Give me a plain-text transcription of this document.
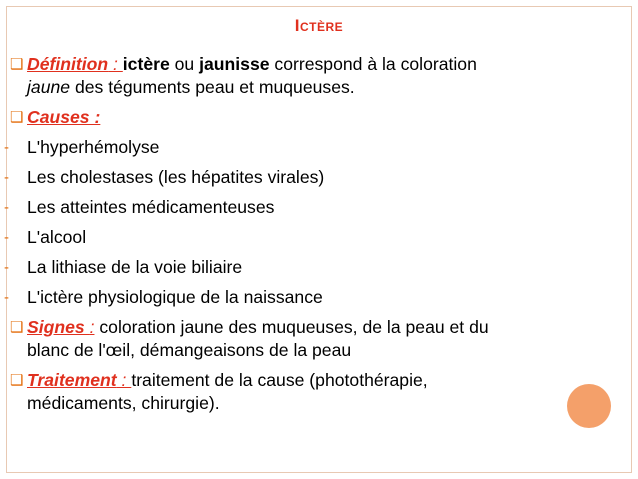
Ictère
❑ Définition : ictère ou jaunisse correspond à la coloration
jaune des téguments peau et muqueuses.
❑ Causes :
- L'hyperhémolyse
- Les cholestases (les hépatites virales)
- Les atteintes médicamenteuses
- L'alcool
- La lithiase de la voie biliaire
- L'ictère physiologique de la naissance
❑ Signes : coloration jaune des muqueuses, de la peau et du
blanc de l'œil, démangeaisons de la peau
❑ Traitement : traitement de la cause (photothérapie,
médicaments, chirurgie).
